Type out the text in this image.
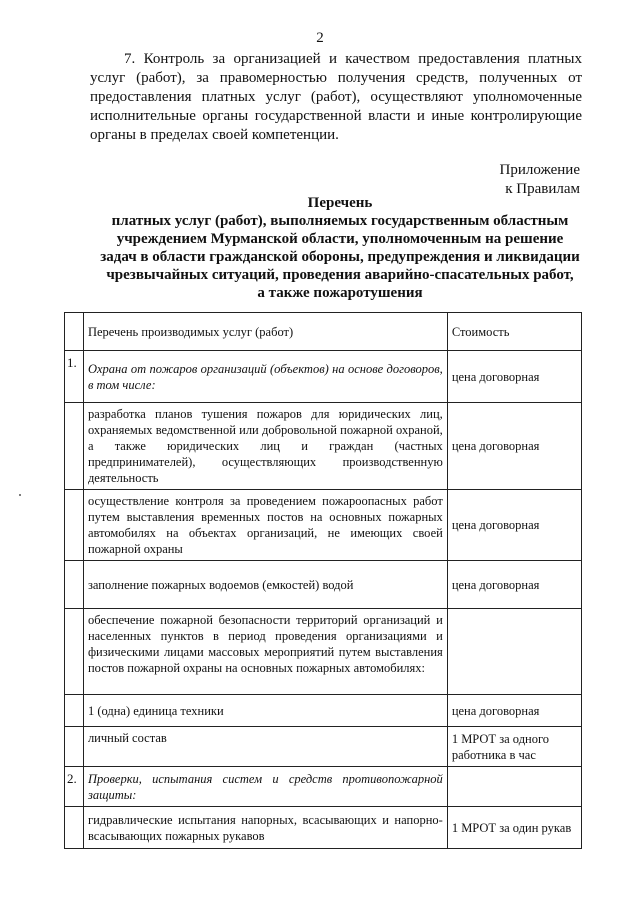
2

7. Контроль за организацией и качеством предоставления платных услуг (работ), за правомерностью получения средств, полученных от предоставления платных услуг (работ), осуществляют уполномоченные исполнительные органы государственной власти и иные контролирующие органы в пределах своей компетенции.

Приложение
к Правилам
Перечень
платных услуг (работ), выполняемых государственным областным
учреждением Мурманской области, уполномоченным на решение
задач в области гражданской обороны, предупреждения и ликвидации
чрезвычайных ситуаций, проведения аварийно-спасательных работ,
а также пожаротушения
	Перечень производимых услуг (работ)	Стоимость
1.	Охрана от пожаров организаций (объектов) на основе договоров, в том числе:	цена договорная
	разработка планов тушения пожаров для юридических лиц, охраняемых ведомственной или добровольной пожарной охраной, а также юридических лиц и граждан (частных предпринимателей), осуществляющих производственную деятельность	цена договорная
	осуществление контроля за проведением пожароопасных работ путем выставления временных постов на основных пожарных автомобилях на объектах организаций, не имеющих своей пожарной охраны	цена договорная
	заполнение пожарных водоемов (емкостей) водой	цена договорная
	обеспечение пожарной безопасности территорий организаций и населенных пунктов в период проведения организациями и физическими лицами массовых мероприятий путем выставления постов пожарной охраны на основных пожарных автомобилях:	
	1 (одна) единица техники	цена договорная
	личный состав	1 МРОТ за одного работника в час
2.	Проверки, испытания систем и средств противопожарной защиты:	
	гидравлические испытания напорных, всасывающих и напорно-всасывающих пожарных рукавов	1 МРОТ за один рукав
